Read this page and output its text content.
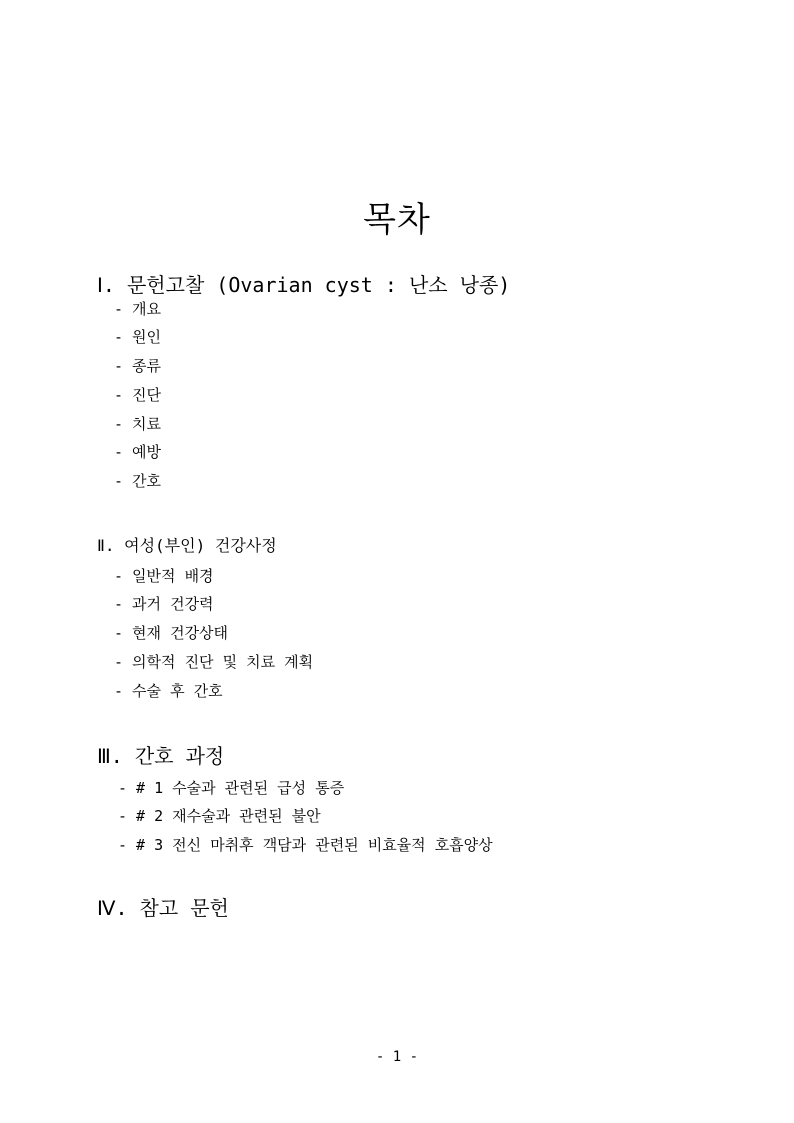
목차
Ⅰ. 문헌고찰 (Ovarian cyst : 난소 낭종)
- 개요
- 원인
- 종류
- 진단
- 치료
- 예방
- 간호
Ⅱ. 여성(부인) 건강사정
- 일반적 배경
- 과거 건강력
- 현재 건강상태
- 의학적 진단 및 치료 계획
- 수술 후 간호
Ⅲ. 간호 과정
- # 1 수술과 관련된 급성 통증
- # 2 재수술과 관련된 불안
- # 3 전신 마취후 객담과 관련된 비효율적 호흡양상
Ⅳ. 참고 문헌
- 1 -
